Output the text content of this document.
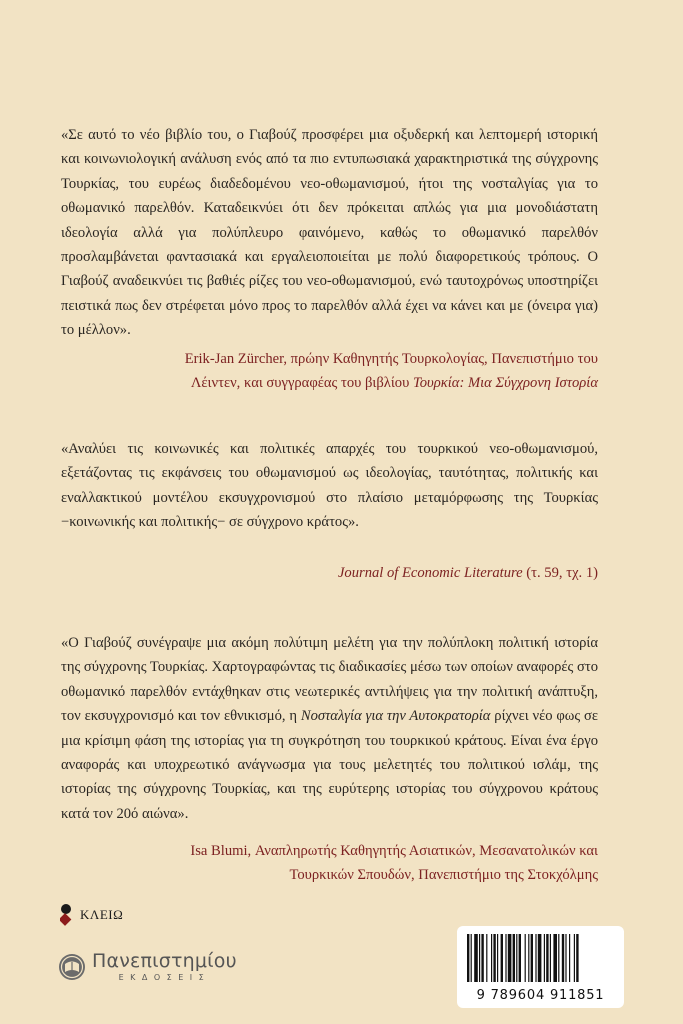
«Σε αυτό το νέο βιβλίο του, ο Γιαβούζ προσφέρει μια οξυδερκή και λεπτομερή ιστορική και κοινωνιολογική ανάλυση ενός από τα πιο εντυπωσιακά χαρακτηριστικά της σύγχρονης Τουρκίας, του ευρέως διαδεδομένου νεο-οθωμανισμού, ήτοι της νοσταλγίας για το οθωμανικό παρελθόν. Καταδεικνύει ότι δεν πρόκειται απλώς για μια μονοδιάστατη ιδεολογία αλλά για πολύπλευρο φαινόμενο, καθώς το οθωμανικό παρελθόν προσλαμβάνεται φαντασιακά και εργαλειοποιείται με πολύ διαφορετικούς τρόπους. Ο Γιαβούζ αναδεικνύει τις βαθιές ρίζες του νεο-οθωμανισμού, ενώ ταυτοχρόνως υποστηρίζει πειστικά πως δεν στρέφεται μόνο προς το παρελθόν αλλά έχει να κάνει και με (όνειρα για) το μέλλον».

Erik-Jan Zürcher, πρώην Καθηγητής Τουρκολογίας, Πανεπιστήμιο του
Λέιντεν, και συγγραφέας του βιβλίου Τουρκία: Μια Σύγχρονη Ιστορία

«Αναλύει τις κοινωνικές και πολιτικές απαρχές του τουρκικού νεο-οθωμανισμού, εξετάζοντας τις εκφάνσεις του οθωμανισμού ως ιδεολογίας, ταυτότητας, πολιτικής και εναλλακτικού μοντέλου εκσυγχρονισμού στο πλαίσιο μεταμόρφωσης της Τουρκίας −κοινωνικής και πολιτικής− σε σύγχρονο κράτος».

Journal of Economic Literature (τ. 59, τχ. 1)

«Ο Γιαβούζ συνέγραψε μια ακόμη πολύτιμη μελέτη για την πολύπλοκη πολιτική ιστορία της σύγχρονης Τουρκίας. Χαρτογραφώντας τις διαδικασίες μέσω των οποίων αναφορές στο οθωμανικό παρελθόν εντάχθηκαν στις νεωτερικές αντιλήψεις για την πολιτική ανάπτυξη, τον εκσυγχρονισμό και τον εθνικισμό, η Νοσταλγία για την Αυτοκρατορία ρίχνει νέο φως σε μια κρίσιμη φάση της ιστορίας για τη συγκρότηση του τουρκικού κράτους. Είναι ένα έργο αναφοράς και υποχρεωτικό ανάγνωσμα για τους μελετητές του πολιτικού ισλάμ, της ιστορίας της σύγχρονης Τουρκίας, και της ευρύτερης ιστορίας του σύγχρονου κράτους κατά τον 20ό αιώνα».

Isa Blumi, Αναπληρωτής Καθηγητής Ασιατικών, Μεσανατολικών και
Τουρκικών Σπουδών, Πανεπιστήμιο της Στοκχόλμης
ΚΛΕΙΩ
Πανεπιστημίου
ΕΚΔΟΣΕΙΣ
9 789604 911851
